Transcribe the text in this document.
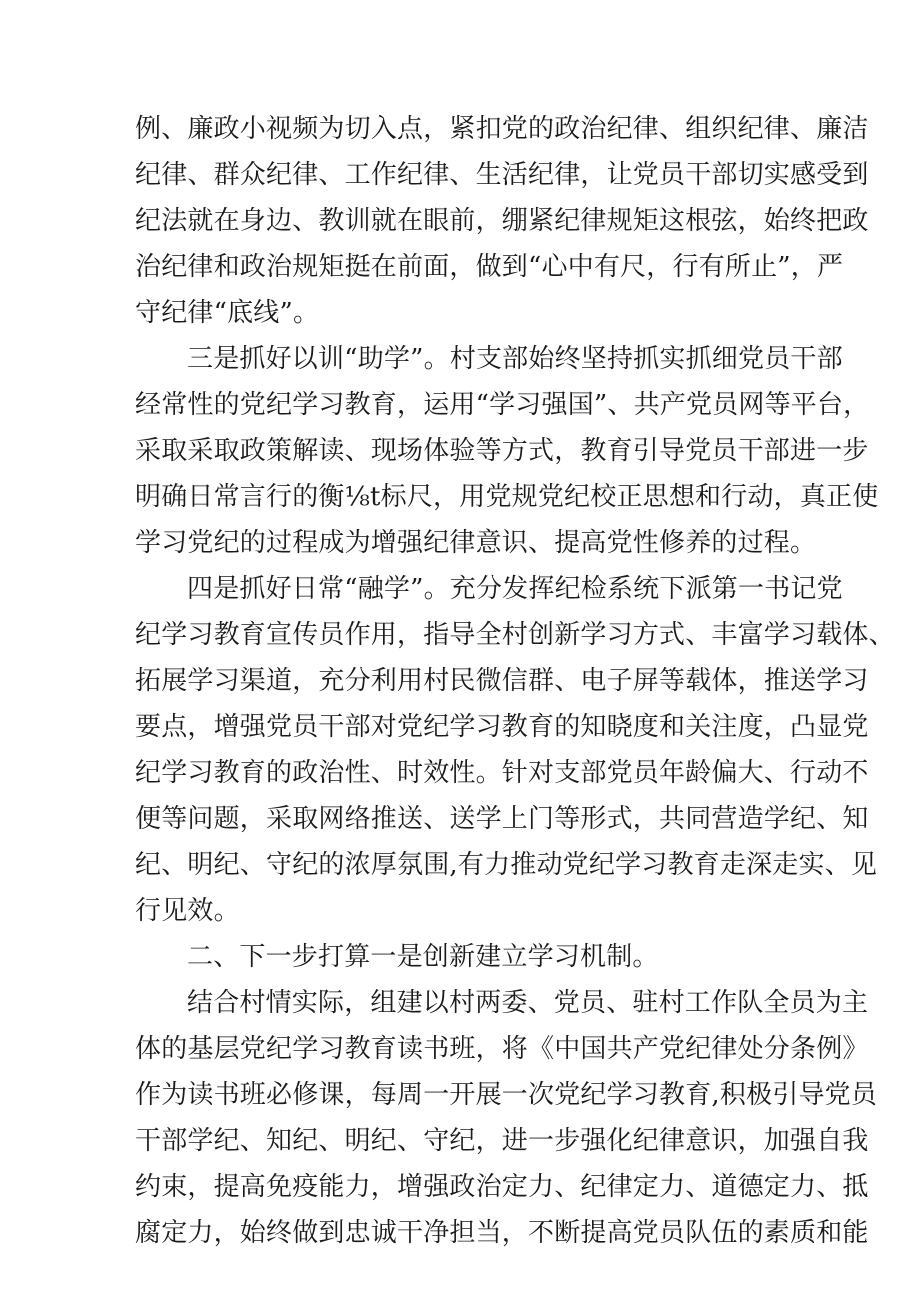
例、廉政小视频为切入点，紧扣党的政治纪律、组织纪律、廉洁
纪律、群众纪律、工作纪律、生活纪律，让党员干部切实感受到
纪法就在身边、教训就在眼前，绷紧纪律规矩这根弦，始终把政
治纪律和政治规矩挺在前面，做到“心中有尺，行有所止”，严
守纪律“底线”。
三是抓好以训“助学”。村支部始终坚持抓实抓细党员干部
经常性的党纪学习教育，运用“学习强国”、共产党员网等平台，
采取采取政策解读、现场体验等方式，教育引导党员干部进一步
明确日常言行的衡⅛t标尺，用党规党纪校正思想和行动，真正使
学习党纪的过程成为增强纪律意识、提高党性修养的过程。
四是抓好日常“融学”。充分发挥纪检系统下派第一书记党
纪学习教育宣传员作用，指导全村创新学习方式、丰富学习载体、
拓展学习渠道，充分利用村民微信群、电子屏等载体，推送学习
要点，增强党员干部对党纪学习教育的知晓度和关注度，凸显党
纪学习教育的政治性、时效性。针对支部党员年龄偏大、行动不
便等问题，采取网络推送、送学上门等形式，共同营造学纪、知
纪、明纪、守纪的浓厚氛围,有力推动党纪学习教育走深走实、见
行见效。
二、下一步打算一是创新建立学习机制。
结合村情实际，组建以村两委、党员、驻村工作队全员为主
体的基层党纪学习教育读书班，将《中国共产党纪律处分条例》
作为读书班必修课，每周一开展一次党纪学习教育,积极引导党员
干部学纪、知纪、明纪、守纪，进一步强化纪律意识，加强自我
约束，提高免疫能力，增强政治定力、纪律定力、道德定力、抵
腐定力，始终做到忠诚干净担当，不断提高党员队伍的素质和能
